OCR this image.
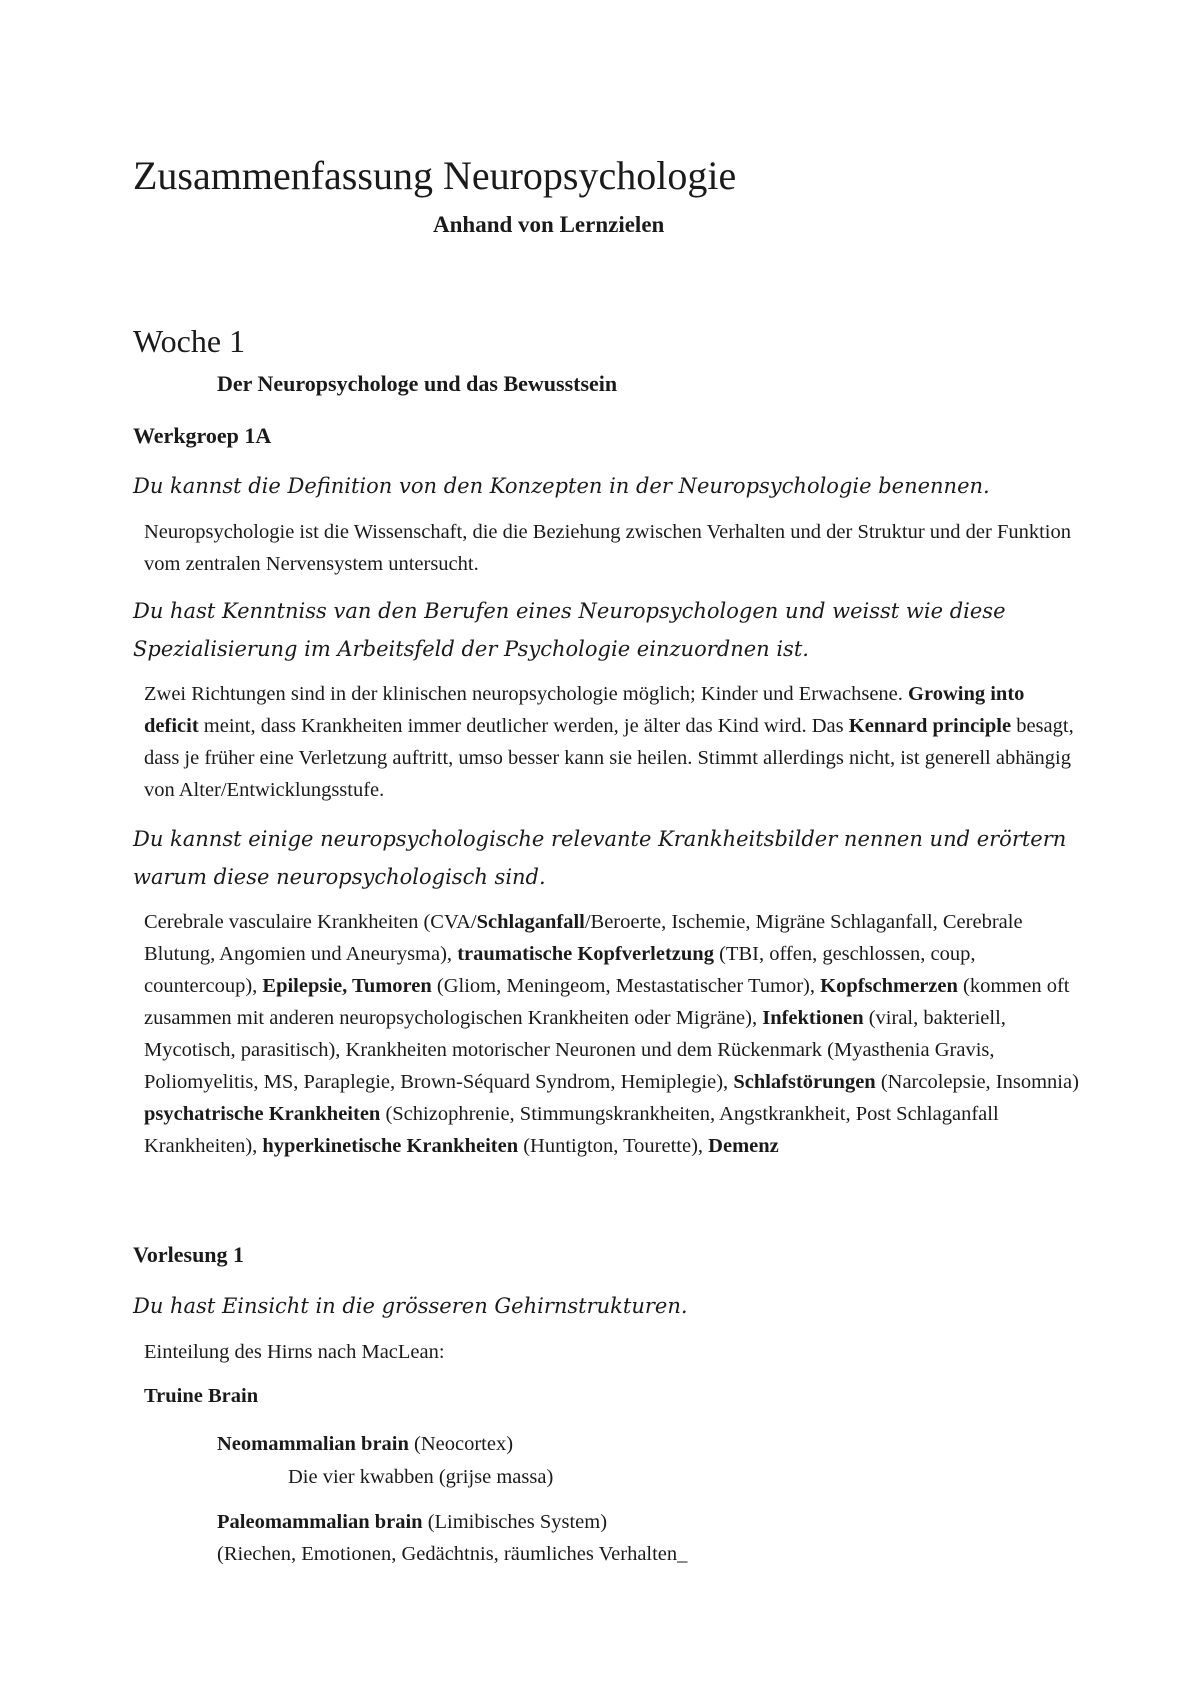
Zusammenfassung Neuropsychologie
Anhand von Lernzielen
Woche 1
Der Neuropsychologe und das Bewusstsein
Werkgroep 1A

Du kannst die Definition von den Konzepten in der Neuropsychologie benennen.

Neuropsychologie ist die Wissenschaft, die die Beziehung zwischen Verhalten und der Struktur und der Funktion vom zentralen Nervensystem untersucht.

Du hast Kenntniss van den Berufen eines Neuropsychologen und weisst wie diese Spezialisierung im Arbeitsfeld der Psychologie einzuordnen ist.

Zwei Richtungen sind in der klinischen neuropsychologie möglich; Kinder und Erwachsene. Growing into deficit meint, dass Krankheiten immer deutlicher werden, je älter das Kind wird. Das Kennard principle besagt, dass je früher eine Verletzung auftritt, umso besser kann sie heilen. Stimmt allerdings nicht, ist generell abhängig von Alter/Entwicklungsstufe.

Du kannst einige neuropsychologische relevante Krankheitsbilder nennen und erörtern warum diese neuropsychologisch sind.

Cerebrale vasculaire Krankheiten (CVA/Schlaganfall/Beroerte, Ischemie, Migräne Schlaganfall, Cerebrale Blutung, Angomien und Aneurysma), traumatische Kopfverletzung (TBI, offen, geschlossen, coup, countercoup), Epilepsie, Tumoren (Gliom, Meningeom, Mestastatischer Tumor), Kopfschmerzen (kommen oft zusammen mit anderen neuropsychologischen Krankheiten oder Migräne), Infektionen (viral, bakteriell, Mycotisch, parasitisch), Krankheiten motorischer Neuronen und dem Rückenmark (Myasthenia Gravis, Poliomyelitis, MS, Paraplegie, Brown-Séquard Syndrom, Hemiplegie), Schlafstörungen (Narcolepsie, Insomnia) psychatrische Krankheiten (Schizophrenie, Stimmungskrankheiten, Angstkrankheit, Post Schlaganfall Krankheiten), hyperkinetische Krankheiten (Huntigton, Tourette), Demenz

Vorlesung 1

Du hast Einsicht in die grösseren Gehirnstrukturen.

Einteilung des Hirns nach MacLean:
Truine Brain
Neomammalian brain (Neocortex)
Die vier kwabben (grijse massa)
Paleomammalian brain (Limibisches System)
(Riechen, Emotionen, Gedächtnis, räumliches Verhalten_
